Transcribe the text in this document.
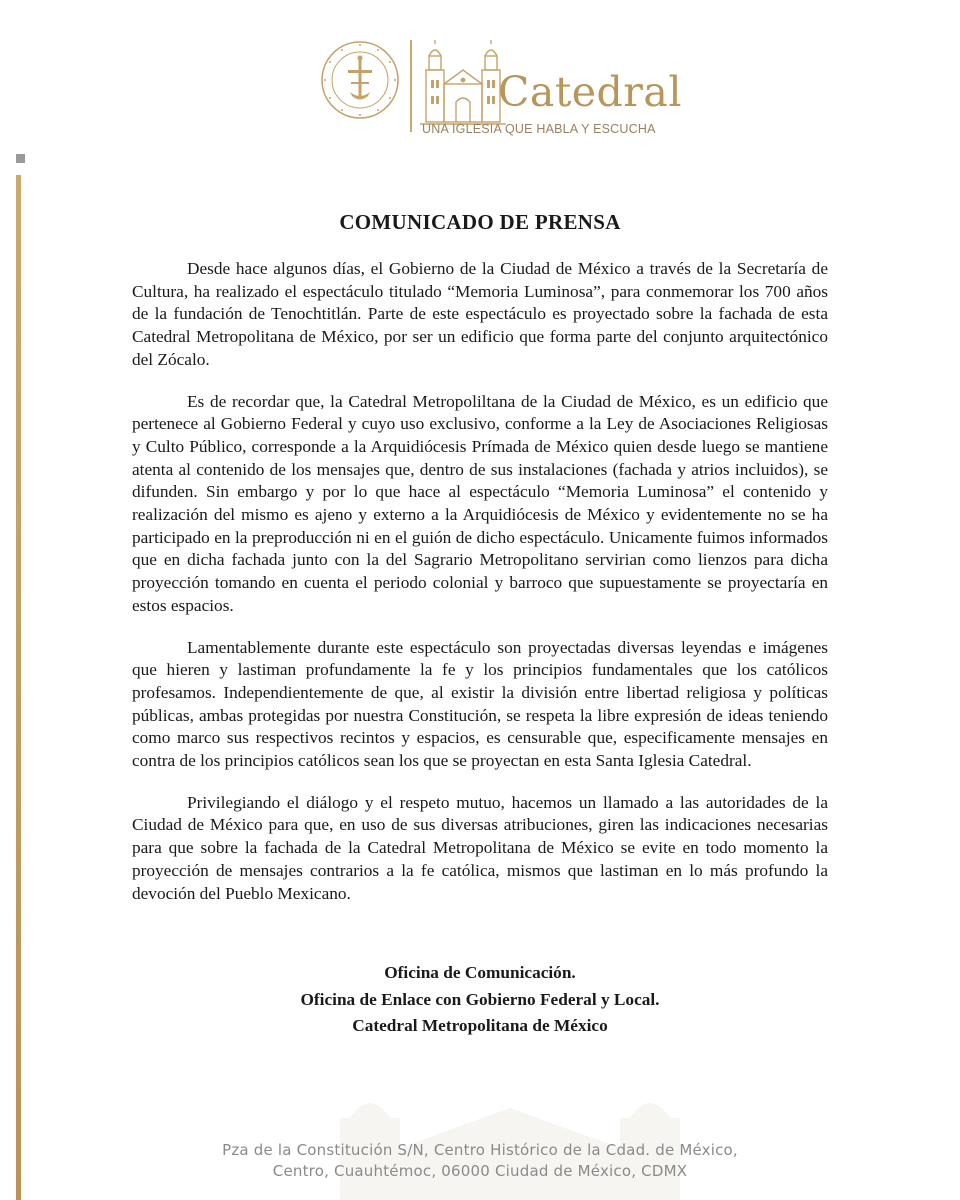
Catedral
UNA IGLESIA QUE HABLA Y ESCUCHA
COMUNICADO DE PRENSA

Desde hace algunos días, el Gobierno de la Ciudad de México a través de la Secretaría de Cultura, ha realizado el espectáculo titulado “Memoria Luminosa”, para conmemorar los 700 años de la fundación de Tenochtitlán. Parte de este espectáculo es proyectado sobre la fachada de esta Catedral Metropolitana de México, por ser un edificio que forma parte del conjunto arquitectónico del Zócalo.

Es de recordar que, la Catedral Metropoliltana de la Ciudad de México, es un edificio que pertenece al Gobierno Federal y cuyo uso exclusivo, conforme a la Ley de Asociaciones Religiosas y Culto Público, corresponde a la Arquidiócesis Prímada de México quien desde luego se mantiene atenta al contenido de los mensajes que, dentro de sus instalaciones (fachada y atrios incluidos), se difunden. Sin embargo y por lo que hace al espectáculo “Memoria Luminosa” el contenido y realización del mismo es ajeno y externo a la Arquidiócesis de México y evidentemente no se ha participado en la preproducción ni en el guión de dicho espectáculo. Unicamente fuimos informados que en dicha fachada junto con la del Sagrario Metropolitano servirian como lienzos para dicha proyección tomando en cuenta el periodo colonial y barroco que supuestamente se proyectaría en estos espacios.

Lamentablemente durante este espectáculo son proyectadas diversas leyendas e imágenes que hieren y lastiman profundamente la fe y los principios fundamentales que los católicos profesamos. Independientemente de que, al existir la división entre libertad religiosa y políticas públicas, ambas protegidas por nuestra Constitución, se respeta la libre expresión de ideas teniendo como marco sus respectivos recintos y espacios, es censurable que, especificamente mensajes en contra de los principios católicos sean los que se proyectan en esta Santa Iglesia Catedral.

Privilegiando el diálogo y el respeto mutuo, hacemos un llamado a las autoridades de la Ciudad de México para que, en uso de sus diversas atribuciones, giren las indicaciones necesarias para que sobre la fachada de la Catedral Metropolitana de México se evite en todo momento la proyección de mensajes contrarios a la fe católica, mismos que lastiman en lo más profundo la devoción del Pueblo Mexicano.

Oficina de Comunicación.
Oficina de Enlace con Gobierno Federal y Local.
Catedral Metropolitana de México
Pza de la Constitución S/N, Centro Histórico de la Cdad. de México,
Centro, Cuauhtémoc, 06000 Ciudad de México, CDMX
